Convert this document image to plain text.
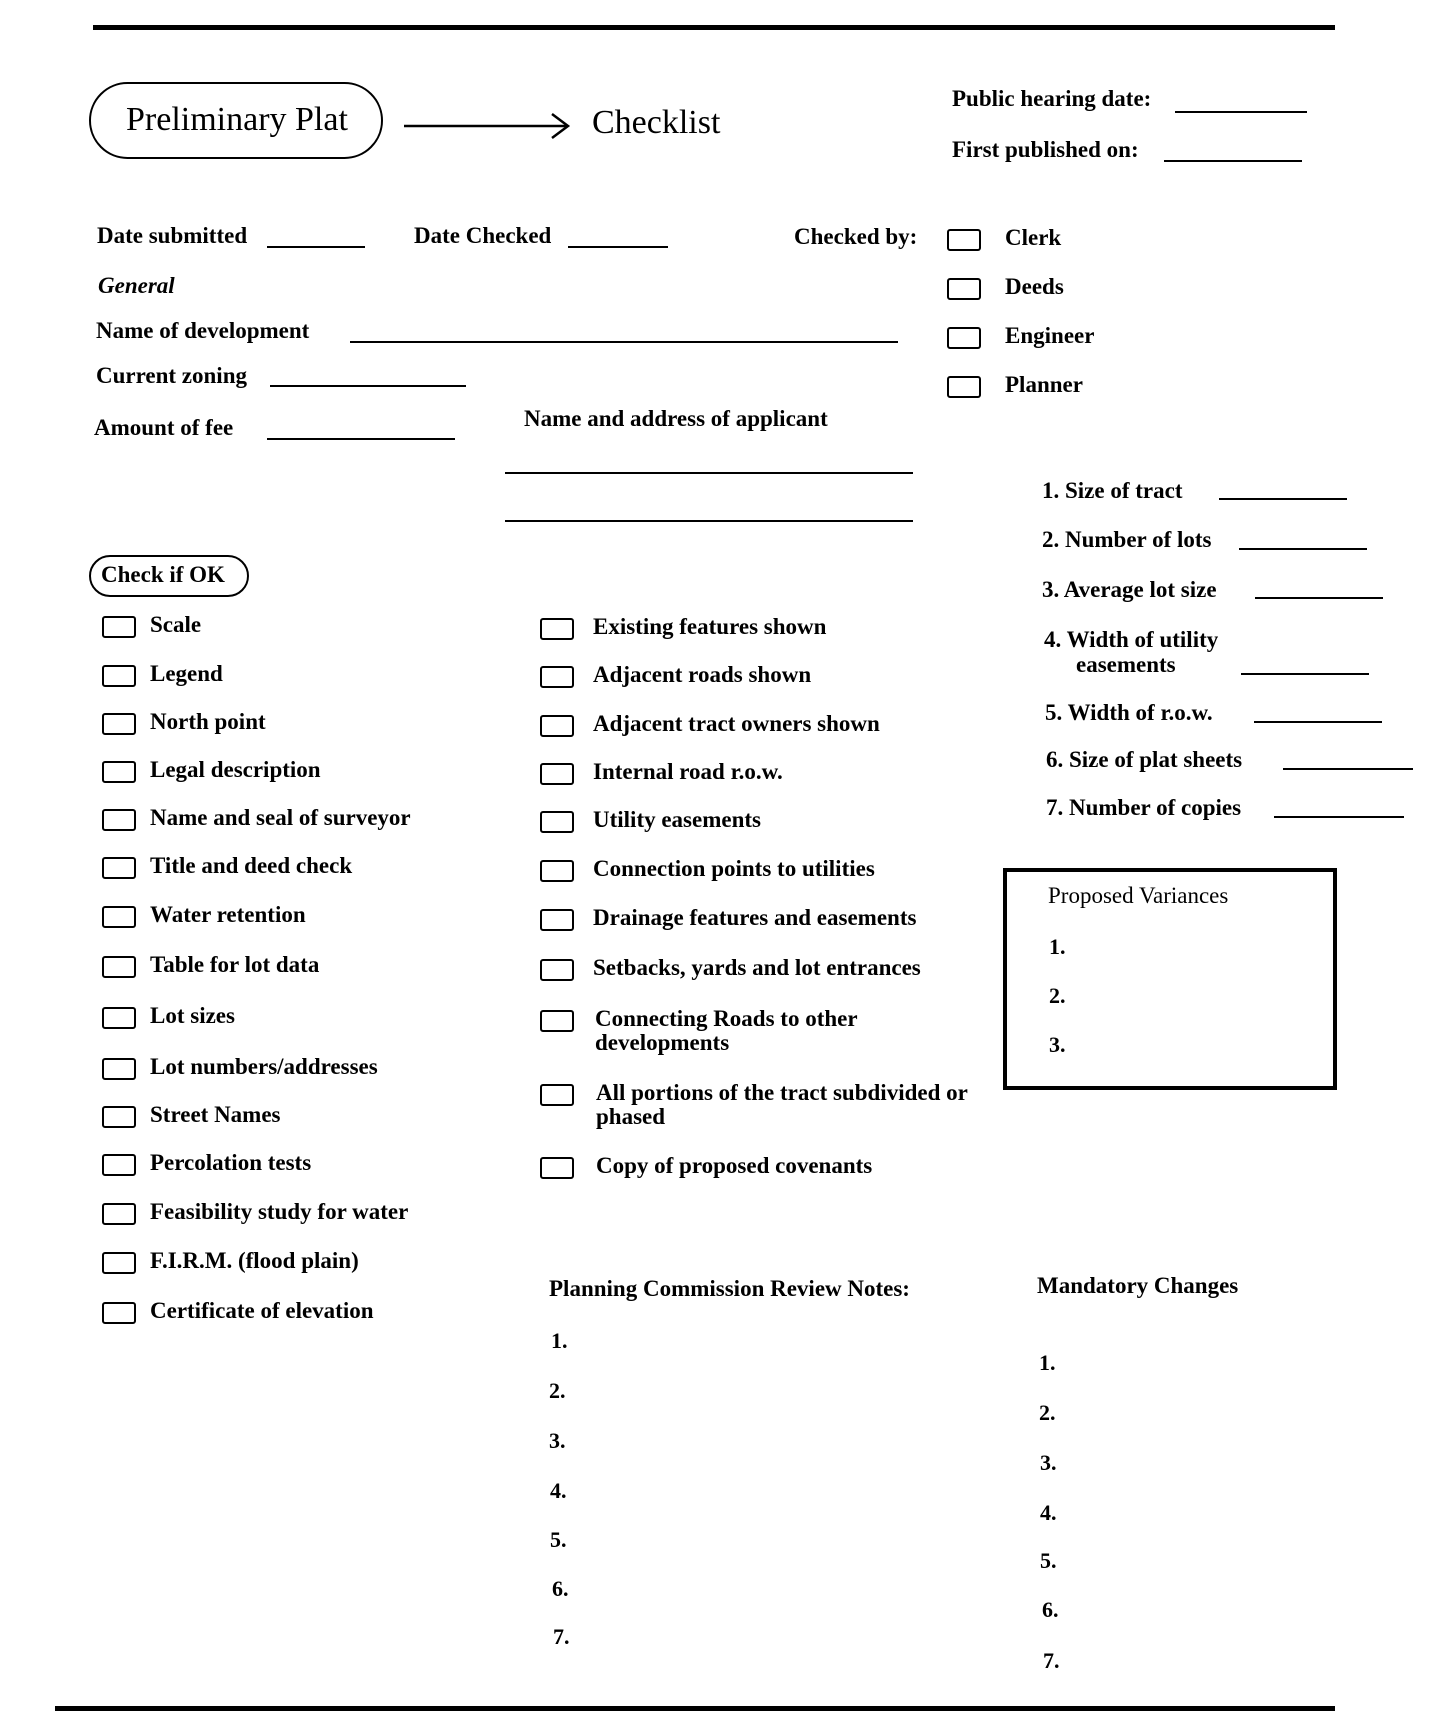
Preliminary Plat	Checklist
Public hearing date:
First published on:
Date submitted	Date Checked	Checked by:	Clerk
Deeds
Engineer
Planner
General
Name of development
Current zoning
Amount of fee	Name and address of applicant
1. Size of tract
2. Number of lots
3. Average lot size
4. Width of utility
easements
5. Width of r.o.w.
6. Size of plat sheets
7. Number of copies
Check if OK
Scale
Legend
North point
Legal description
Name and seal of surveyor
Title and deed check
Water retention
Table for lot data
Lot sizes
Lot numbers/addresses
Street Names
Percolation tests
Feasibility study for water
F.I.R.M. (flood plain)
Certificate of elevation
Existing features shown
Adjacent roads shown
Adjacent tract owners shown
Internal road r.o.w.
Utility easements
Connection points to utilities
Drainage features and easements
Setbacks, yards and lot entrances
Connecting Roads to other
developments
All portions of the tract subdivided or
phased
Copy of proposed covenants
Proposed Variances
1.
2.
3.
Planning Commission Review Notes:
1.
2.
3.
4.
5.
6.
7.
Mandatory Changes
1.
2.
3.
4.
5.
6.
7.
